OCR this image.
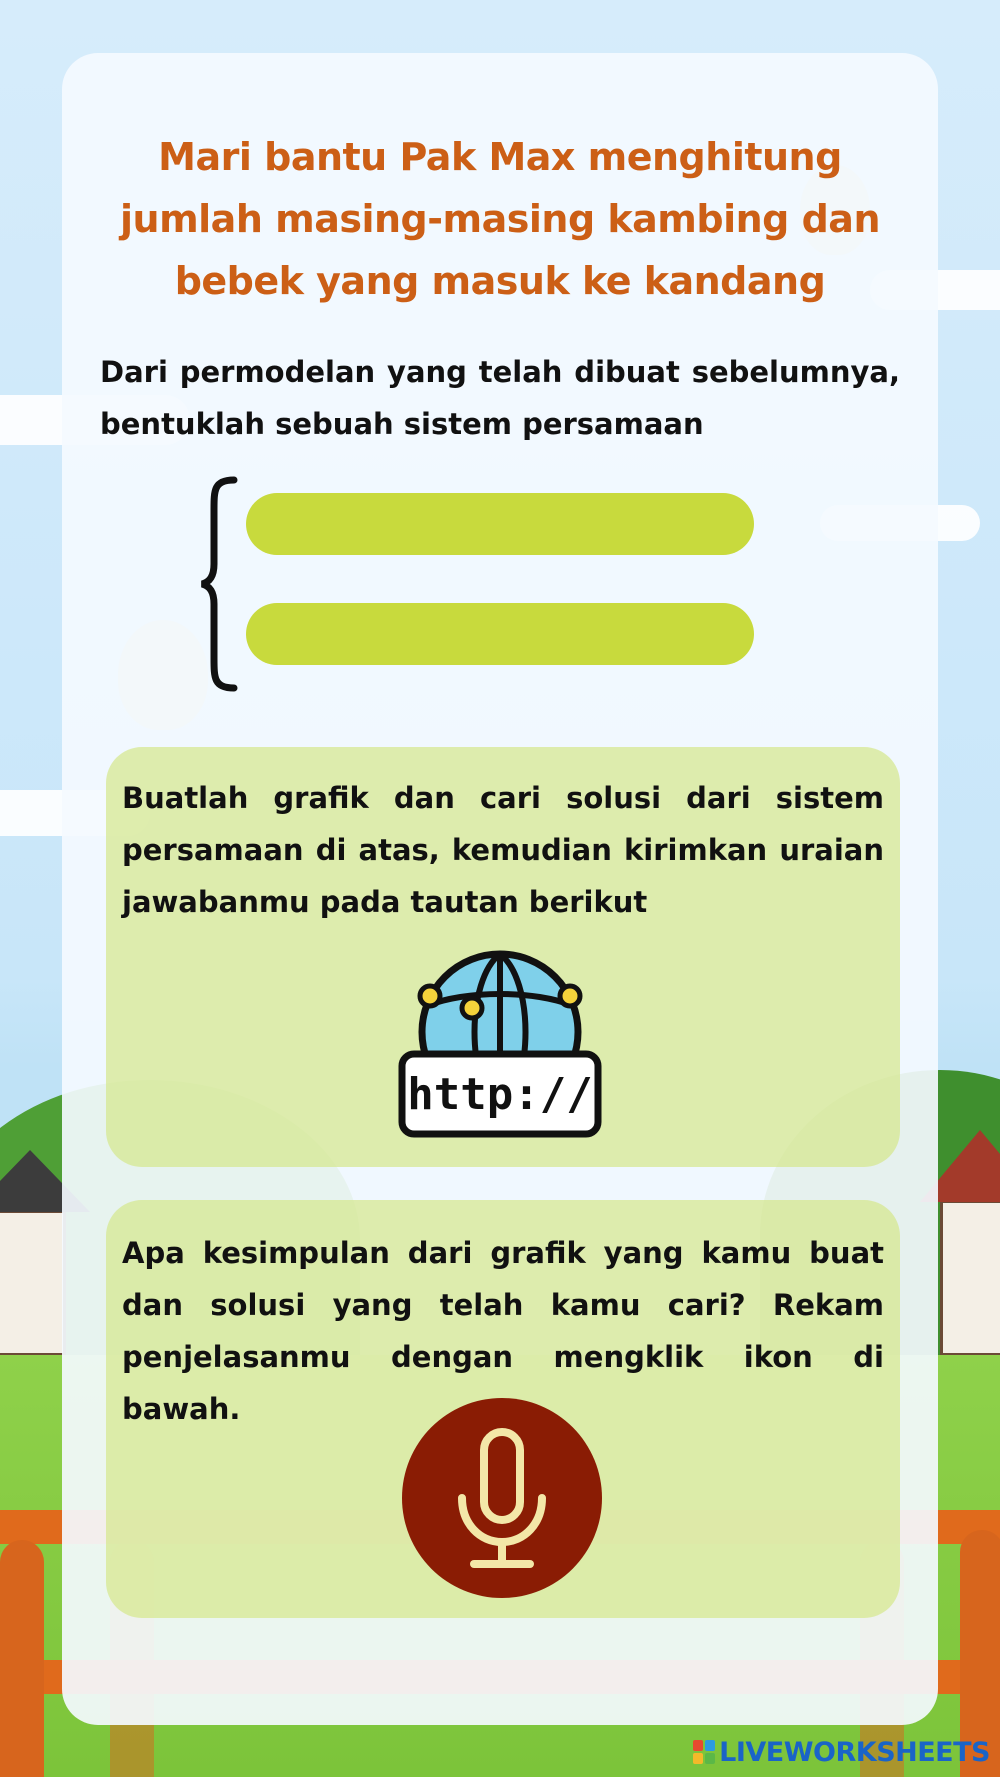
Mari bantu Pak Max menghitung jumlah masing-masing kambing dan bebek yang masuk ke kandang
Dari permodelan yang telah dibuat sebelumnya, bentuklah sebuah sistem persamaan
Buatlah grafik dan cari solusi dari sistem persamaan di atas, kemudian kirimkan uraian jawabanmu pada tautan berikut
http://
Apa kesimpulan dari grafik yang kamu buat dan solusi yang telah kamu cari? Rekam penjelasanmu dengan mengklik ikon di bawah.
LIVEWORKSHEETS
